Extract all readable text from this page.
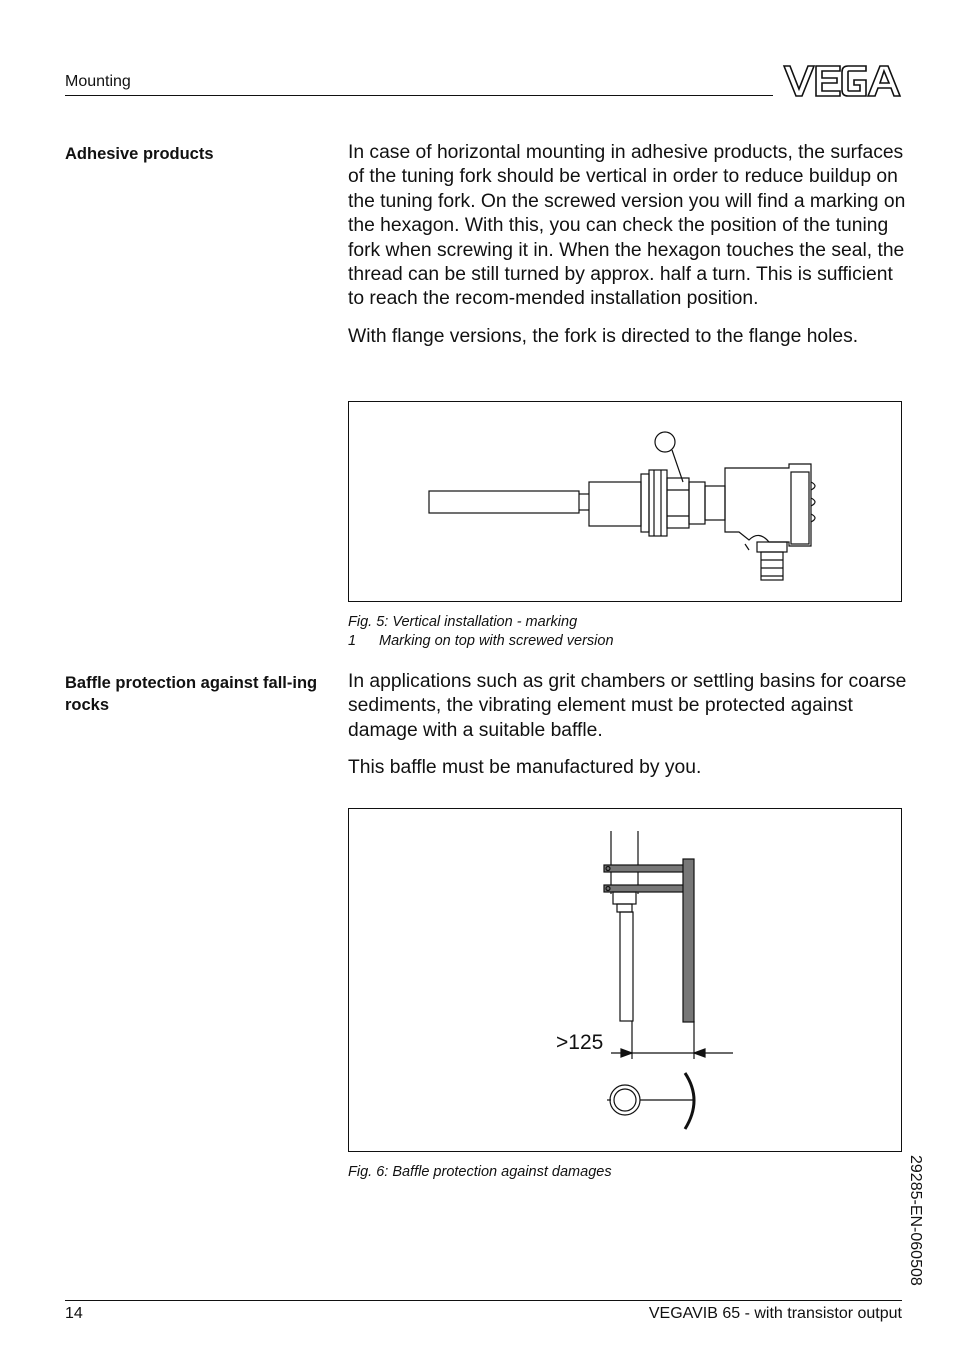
Mounting
Adhesive products	In case of horizontal mounting in adhesive products, the surfaces of the tuning fork should be vertical in order to reduce buildup on the tuning fork. On the screwed version you will find a marking on the hexagon. With this, you can check the position of the tuning fork when screwing it in. When the hexagon touches the seal, the thread can be still turned by approx. half a turn. This is sufficient to reach the recom-mended installation position.

With flange versions, the fork is directed to the flange holes.

Fig. 5: Vertical installation - marking
1 Marking on top with screwed version
Baffle protection against fall-ing rocks

In applications such as grit chambers or settling basins for coarse sediments, the vibrating element must be protected against damage with a suitable baffle.

This baffle must be manufactured by you.

>125
Fig. 6: Baffle protection against damages	29285-EN-060508
14	VEGAVIB 65 - with transistor output
